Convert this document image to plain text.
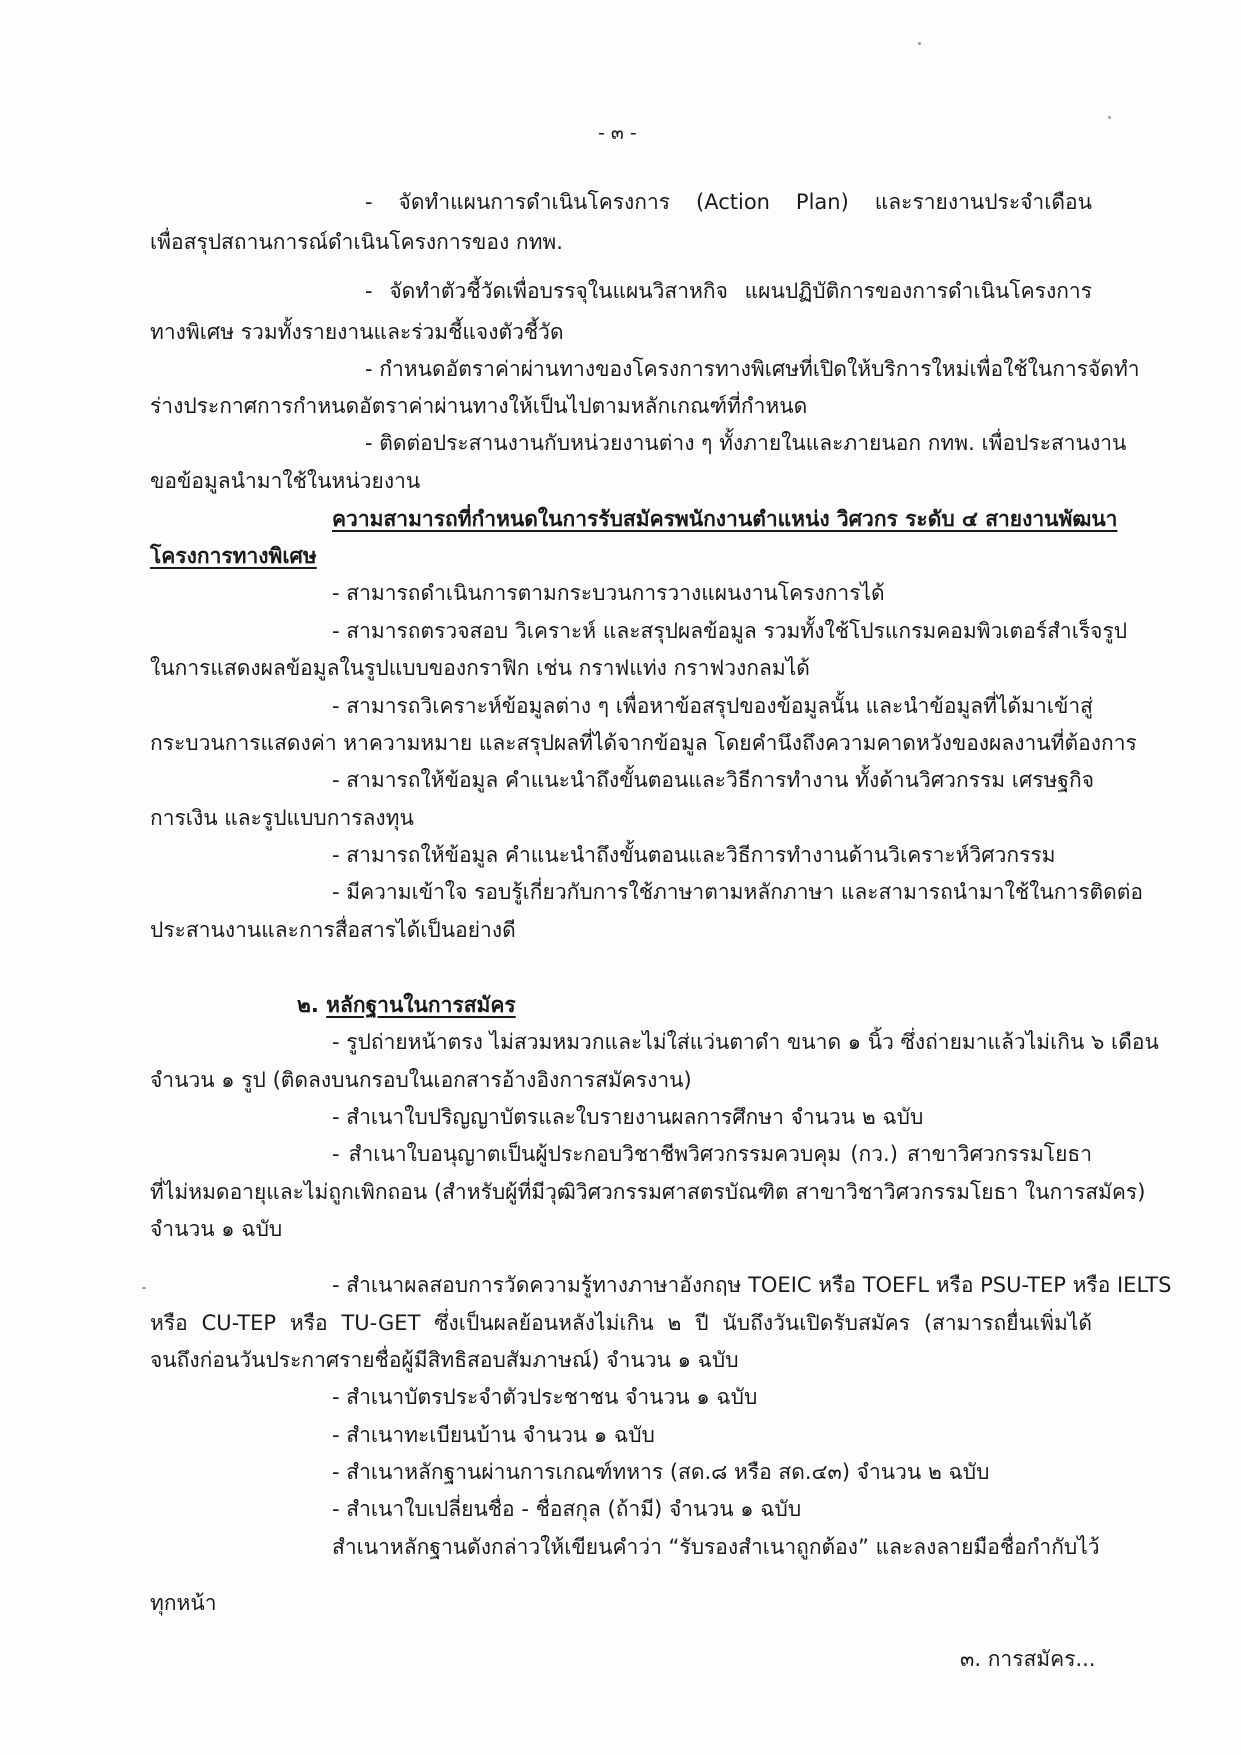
- ๓ -
- จัดทำแผนการดำเนินโครงการ (Action Plan) และรายงานประจำเดือน
เพื่อสรุปสถานการณ์ดำเนินโครงการของ กทพ.
- จัดทำตัวชี้วัดเพื่อบรรจุในแผนวิสาหกิจ แผนปฏิบัติการของการดำเนินโครงการ
ทางพิเศษ รวมทั้งรายงานและร่วมชี้แจงตัวชี้วัด
- กำหนดอัตราค่าผ่านทางของโครงการทางพิเศษที่เปิดให้บริการใหม่เพื่อใช้ในการจัดทำ
ร่างประกาศการกำหนดอัตราค่าผ่านทางให้เป็นไปตามหลักเกณฑ์ที่กำหนด
- ติดต่อประสานงานกับหน่วยงานต่าง ๆ ทั้งภายในและภายนอก กทพ. เพื่อประสานงาน
ขอข้อมูลนำมาใช้ในหน่วยงาน
ความสามารถที่กำหนดในการรับสมัครพนักงานตำแหน่ง วิศวกร ระดับ ๔ สายงานพัฒนา
โครงการทางพิเศษ
- สามารถดำเนินการตามกระบวนการวางแผนงานโครงการได้
- สามารถตรวจสอบ วิเคราะห์ และสรุปผลข้อมูล รวมทั้งใช้โปรแกรมคอมพิวเตอร์สำเร็จรูป
ในการแสดงผลข้อมูลในรูปแบบของกราฟิก เช่น กราฟแท่ง กราฟวงกลมได้
- สามารถวิเคราะห์ข้อมูลต่าง ๆ เพื่อหาข้อสรุปของข้อมูลนั้น และนำข้อมูลที่ได้มาเข้าสู่
กระบวนการแสดงค่า หาความหมาย และสรุปผลที่ได้จากข้อมูล โดยคำนึงถึงความคาดหวังของผลงานที่ต้องการ
- สามารถให้ข้อมูล คำแนะนำถึงขั้นตอนและวิธีการทำงาน ทั้งด้านวิศวกรรม เศรษฐกิจ
การเงิน และรูปแบบการลงทุน
- สามารถให้ข้อมูล คำแนะนำถึงขั้นตอนและวิธีการทำงานด้านวิเคราะห์วิศวกรรม
- มีความเข้าใจ รอบรู้เกี่ยวกับการใช้ภาษาตามหลักภาษา และสามารถนำมาใช้ในการติดต่อ
ประสานงานและการสื่อสารได้เป็นอย่างดี
๒. หลักฐานในการสมัคร
- รูปถ่ายหน้าตรง ไม่สวมหมวกและไม่ใส่แว่นตาดำ ขนาด ๑ นิ้ว ซึ่งถ่ายมาแล้วไม่เกิน ๖ เดือน
จำนวน ๑ รูป (ติดลงบนกรอบในเอกสารอ้างอิงการสมัครงาน)
- สำเนาใบปริญญาบัตรและใบรายงานผลการศึกษา จำนวน ๒ ฉบับ
- สำเนาใบอนุญาตเป็นผู้ประกอบวิชาชีพวิศวกรรมควบคุม (กว.) สาขาวิศวกรรมโยธา
ที่ไม่หมดอายุและไม่ถูกเพิกถอน (สำหรับผู้ที่มีวุฒิวิศวกรรมศาสตรบัณฑิต สาขาวิชาวิศวกรรมโยธา ในการสมัคร)
จำนวน ๑ ฉบับ
- สำเนาผลสอบการวัดความรู้ทางภาษาอังกฤษ TOEIC หรือ TOEFL หรือ PSU-TEP หรือ IELTS
หรือ CU-TEP หรือ TU-GET ซึ่งเป็นผลย้อนหลังไม่เกิน ๒ ปี นับถึงวันเปิดรับสมัคร (สามารถยื่นเพิ่มได้
จนถึงก่อนวันประกาศรายชื่อผู้มีสิทธิสอบสัมภาษณ์) จำนวน ๑ ฉบับ
- สำเนาบัตรประจำตัวประชาชน จำนวน ๑ ฉบับ
- สำเนาทะเบียนบ้าน จำนวน ๑ ฉบับ
- สำเนาหลักฐานผ่านการเกณฑ์ทหาร (สด.๘ หรือ สด.๔๓) จำนวน ๒ ฉบับ
- สำเนาใบเปลี่ยนชื่อ - ชื่อสกุล (ถ้ามี) จำนวน ๑ ฉบับ
สำเนาหลักฐานดังกล่าวให้เขียนคำว่า “รับรองสำเนาถูกต้อง” และลงลายมือชื่อกำกับไว้
ทุกหน้า
๓. การสมัคร...
